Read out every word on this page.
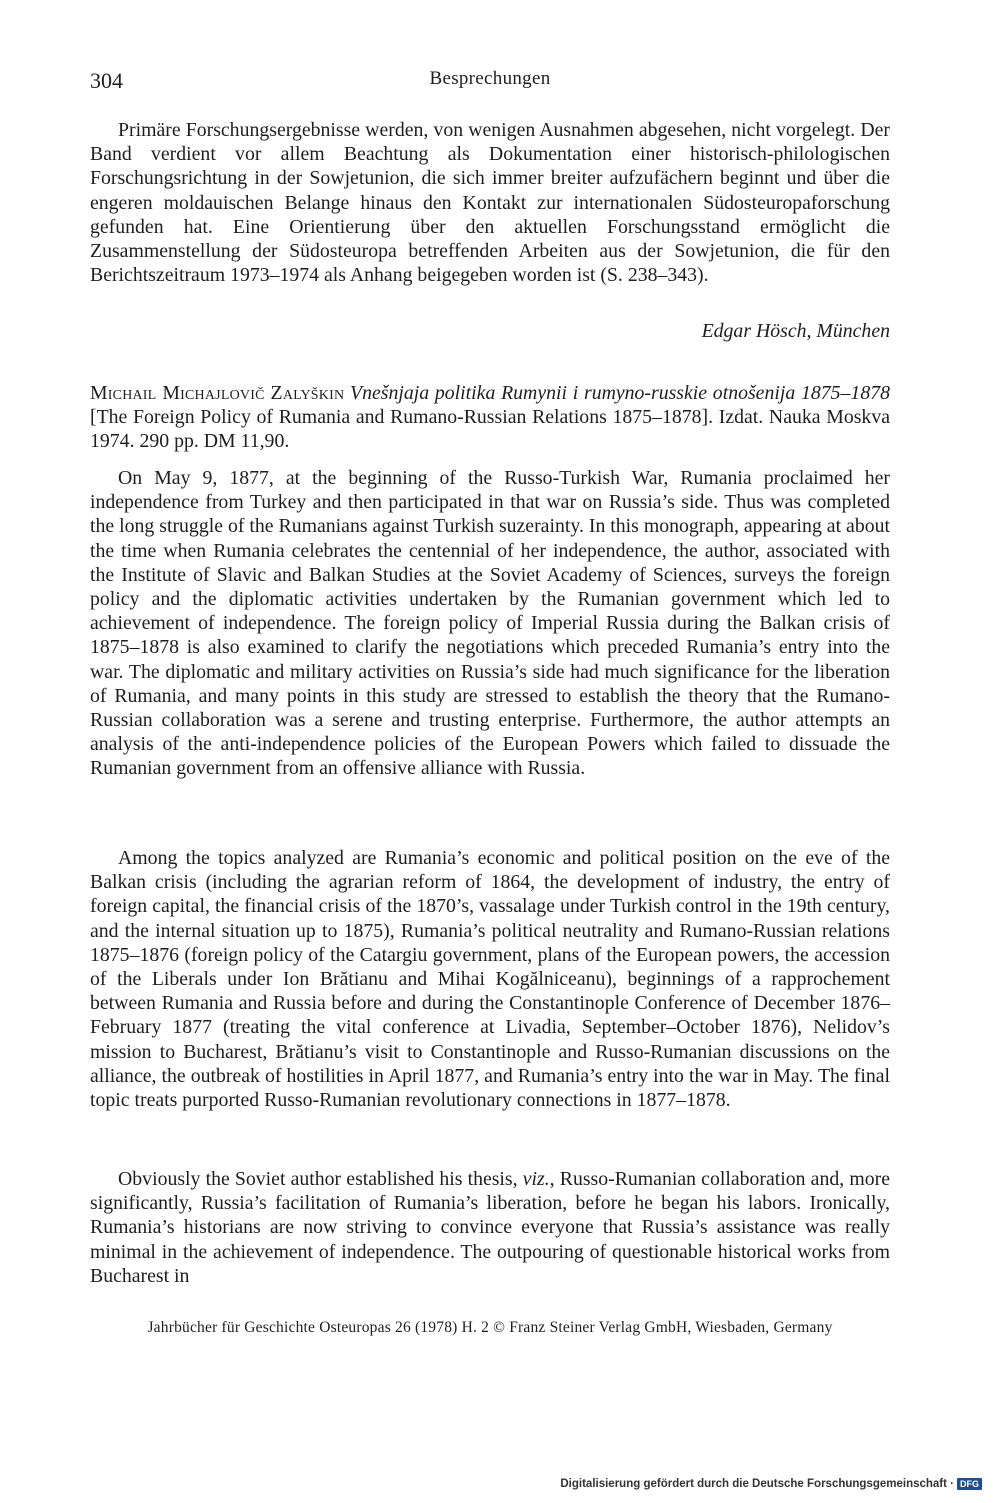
304	Besprechungen

Primäre Forschungsergebnisse werden, von wenigen Ausnahmen abgesehen, nicht vorgelegt. Der Band verdient vor allem Beachtung als Dokumentation einer historisch-philologischen Forschungsrichtung in der Sowjetunion, die sich immer breiter aufzufächern beginnt und über die engeren moldauischen Belange hinaus den Kontakt zur internationalen Südosteuropaforschung gefunden hat. Eine Orientierung über den aktuellen Forschungsstand ermöglicht die Zusammenstellung der Südosteuropa betreffenden Arbeiten aus der Sowjetunion, die für den Berichtszeitraum 1973–1974 als Anhang beigegeben worden ist (S. 238–343).

Edgar Hösch, München

Michail Michajlovič Zalyškin Vnešnjaja politika Rumynii i rumyno-russkie otnošenija 1875–1878 [The Foreign Policy of Rumania and Rumano-Russian Relations 1875–1878]. Izdat. Nauka Moskva 1974. 290 pp. DM 11,90.

On May 9, 1877, at the beginning of the Russo-Turkish War, Rumania proclaimed her independence from Turkey and then participated in that war on Russia’s side. Thus was completed the long struggle of the Rumanians against Turkish suzerainty. In this monograph, appearing at about the time when Rumania celebrates the centennial of her independence, the author, associated with the Institute of Slavic and Balkan Studies at the Soviet Academy of Sciences, surveys the foreign policy and the diplomatic activities undertaken by the Rumanian government which led to achievement of independence. The foreign policy of Imperial Russia during the Balkan crisis of 1875–1878 is also examined to clarify the negotiations which preceded Rumania’s entry into the war. The diplomatic and military activities on Russia’s side had much significance for the liberation of Rumania, and many points in this study are stressed to establish the theory that the Rumano-Russian collaboration was a serene and trusting enterprise. Furthermore, the author attempts an analysis of the anti-independence policies of the European Powers which failed to dissuade the Rumanian government from an offensive alliance with Russia.

Among the topics analyzed are Rumania’s economic and political position on the eve of the Balkan crisis (including the agrarian reform of 1864, the development of industry, the entry of foreign capital, the financial crisis of the 1870’s, vassalage under Turkish control in the 19th century, and the internal situation up to 1875), Rumania’s political neutrality and Rumano-Russian relations 1875–1876 (foreign policy of the Catargiu government, plans of the European powers, the accession of the Liberals under Ion Brătianu and Mihai Kogălniceanu), beginnings of a rapprochement between Rumania and Russia before and during the Constantinople Conference of December 1876–February 1877 (treating the vital conference at Livadia, September–October 1876), Nelidov’s mission to Bucharest, Brătianu’s visit to Constantinople and Russo-Rumanian discussions on the alliance, the outbreak of hostilities in April 1877, and Rumania’s entry into the war in May. The final topic treats purported Russo-Rumanian revolutionary connections in 1877–1878.

Obviously the Soviet author established his thesis, viz., Russo-Rumanian collaboration and, more significantly, Russia’s facilitation of Rumania’s liberation, before he began his labors. Ironically, Rumania’s historians are now striving to convince everyone that Russia’s assistance was really minimal in the achievement of independence. The outpouring of questionable historical works from Bucharest in

Jahrbücher für Geschichte Osteuropas 26 (1978) H. 2 © Franz Steiner Verlag GmbH, Wiesbaden, Germany
Digitalisierung gefördert durch die Deutsche Forschungsgemeinschaft · DFG
